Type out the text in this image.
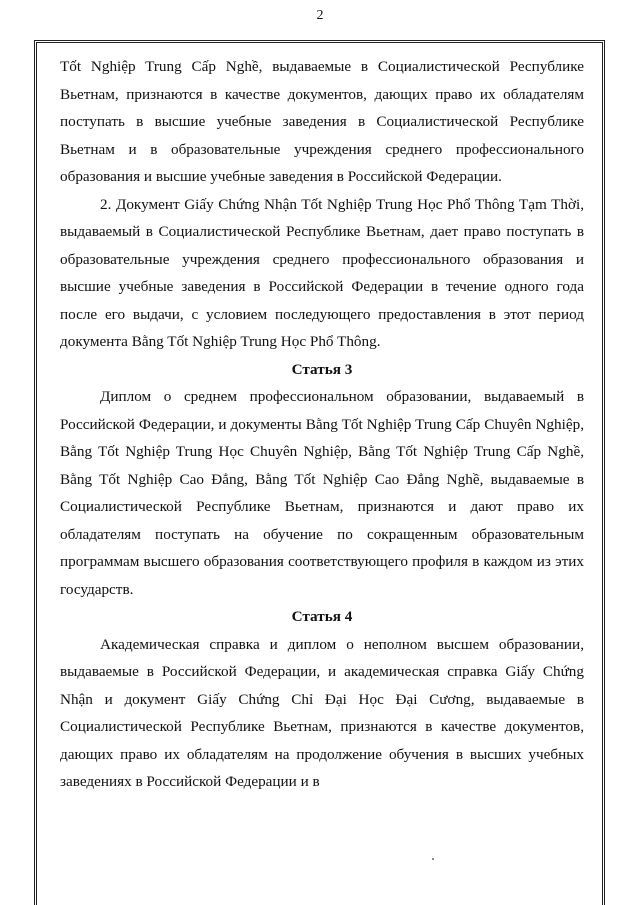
2

Tốt Nghiệp Trung Cấp Nghề, выдаваемые в Социалистической Республике Вьетнам, признаются в качестве документов, дающих право их обладателям поступать в высшие учебные заведения в Социалистической Республике Вьетнам и в образовательные учреждения среднего профессионального образования и высшие учебные заведения в Российской Федерации.

2. Документ Giấy Chứng Nhận Tốt Nghiệp Trung Học Phổ Thông Tạm Thời, выдаваемый в Социалистической Республике Вьетнам, дает право поступать в образовательные учреждения среднего профессионального образования и высшие учебные заведения в Российской Федерации в течение одного года после его выдачи, с условием последующего предоставления в этот период документа Bằng Tốt Nghiệp Trung Học Phổ Thông.

Статья 3

Диплом о среднем профессиональном образовании, выдаваемый в Российской Федерации, и документы Bằng Tốt Nghiệp Trung Cấp Chuyên Nghiệp, Bằng Tốt Nghiệp Trung Học Chuyên Nghiệp, Bằng Tốt Nghiệp Trung Cấp Nghề, Bằng Tốt Nghiệp Cao Đẳng, Bằng Tốt Nghiệp Cao Đẳng Nghề, выдаваемые в Социалистической Республике Вьетнам, признаются и дают право их обладателям поступать на обучение по сокращенным образовательным программам высшего образования соответствующего профиля в каждом из этих государств.

Статья 4

Академическая справка и диплом о неполном высшем образовании, выдаваемые в Российской Федерации, и академическая справка Giấy Chứng Nhận и документ Giấy Chứng Chỉ Đại Học Đại Cương, выдаваемые в Социалистической Республике Вьетнам, признаются в качестве документов, дающих право их обладателям на продолжение обучения в высших учебных заведениях в Российской Федерации и в
